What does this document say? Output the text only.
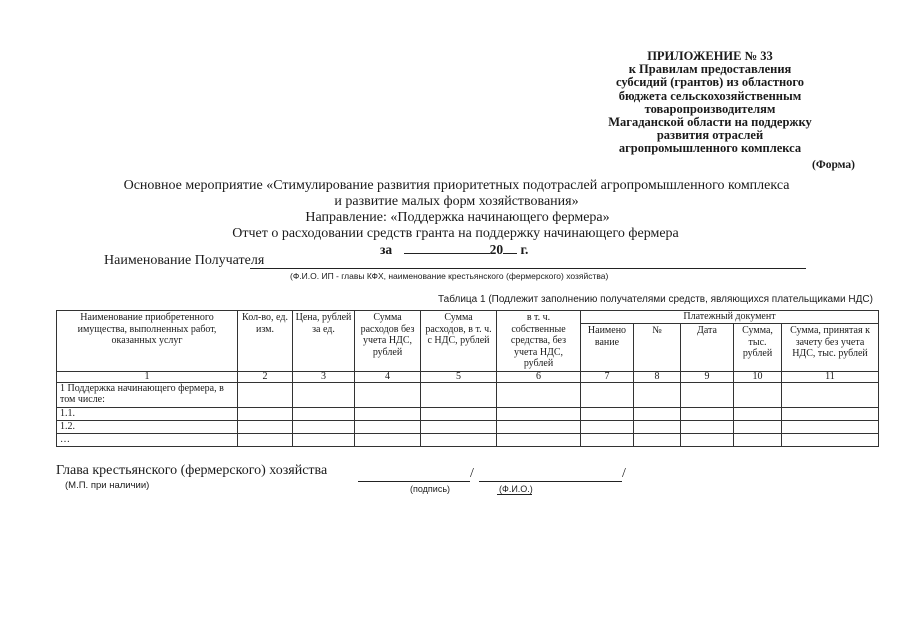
ПРИЛОЖЕНИЕ № 33
к Правилам предоставления
субсидий (грантов) из областного
бюджета сельскохозяйственным
товаропроизводителям
Магаданской области на поддержку
развития отраслей
агропромышленного комплекса
(Форма)
Основное мероприятие «Стимулирование развития приоритетных подотраслей агропромышленного комплекса
и развитие малых форм хозяйствования»
Направление: «Поддержка начинающего фермера»
Отчет о расходовании средств гранта на поддержку начинающего фермера
за	20 г.
Наименование Получателя
(Ф.И.О. ИП - главы КФХ, наименование крестьянского (фермерского) хозяйства)
Таблица 1 (Подлежит заполнению получателями средств, являющихся плательщиками НДС)
Наименование приобретенного имущества, выполненных работ, оказанных услуг	Кол-во, ед. изм.	Цена, рублей за ед.	Сумма расходов без учета НДС, рублей	Сумма расходов, в т. ч. с НДС, рублей	в т. ч. собственные средства, без учета НДС, рублей	Платежный документ				
						Наимено вание	№	Дата	Сумма, тыс. рублей	Сумма, принятая к зачету без учета НДС, тыс. рублей
1	2	3	4	5	6	7	8	9	10	11
1 Поддержка начинающего фермера, в том числе:										
1.1.										
1.2.										
…										
Глава крестьянского (фермерского) хозяйства
(М.П. при наличии)
/	/
(подпись)	(Ф.И.О.)
